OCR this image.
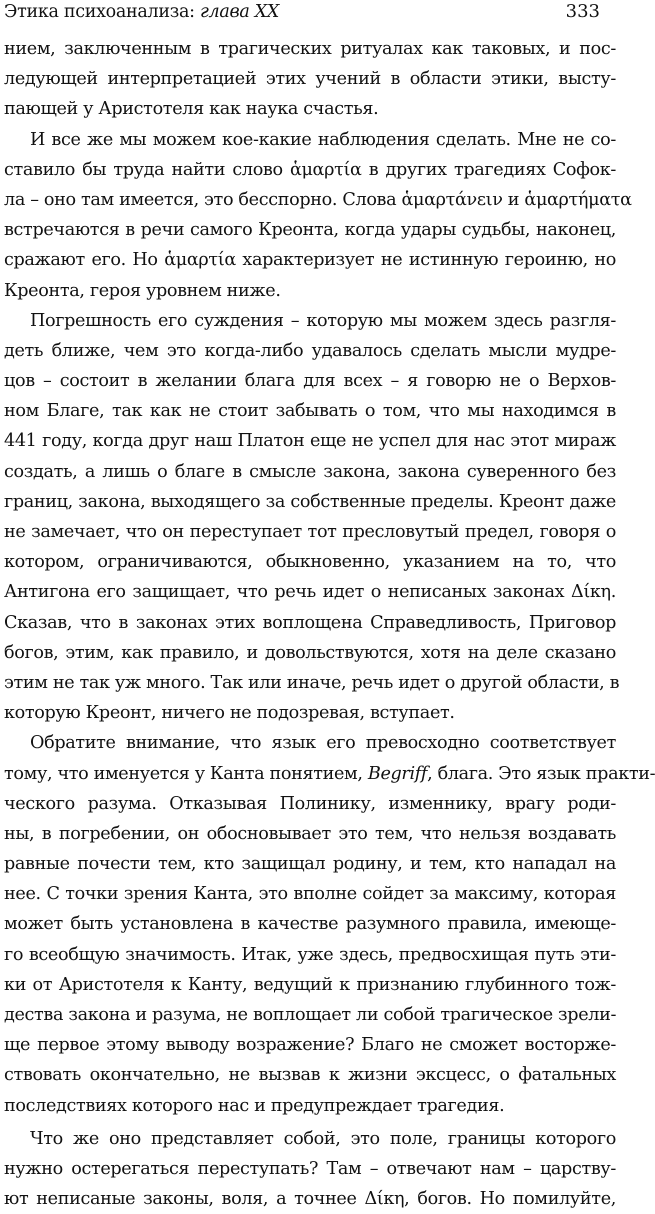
Этика психоанализа: глава XX	333
нием, заключенным в трагических ритуалах как таковых, и пос-
ледующей интерпретацией этих учений в области этики, высту-
пающей у Аристотеля как наука счастья.
И все же мы можем кое-какие наблюдения сделать. Мне не со-
ставило бы труда найти слово ἁμαρτία в других трагедиях Софок-
ла – оно там имеется, это бесспорно. Слова ἁμαρτάνειν и ἁμαρτήματα
встречаются в речи самого Креонта, когда удары судьбы, наконец,
сражают его. Но ἁμαρτία характеризует не истинную героиню, но
Креонта, героя уровнем ниже.
Погрешность его суждения – которую мы можем здесь разгля-
деть ближе, чем это когда-либо удавалось сделать мысли мудре-
цов – состоит в желании блага для всех – я говорю не о Верхов-
ном Благе, так как не стоит забывать о том, что мы находимся в
441 году, когда друг наш Платон еще не успел для нас этот мираж
создать, а лишь о благе в смысле закона, закона суверенного без
границ, закона, выходящего за собственные пределы. Креонт даже
не замечает, что он переступает тот пресловутый предел, говоря о
котором, ограничиваются, обыкновенно, указанием на то, что
Антигона его защищает, что речь идет о неписаных законах Δίκη.
Сказав, что в законах этих воплощена Справедливость, Приговор
богов, этим, как правило, и довольствуются, хотя на деле сказано
этим не так уж много. Так или иначе, речь идет о другой области, в
которую Креонт, ничего не подозревая, вступает.
Обратите внимание, что язык его превосходно соответствует
тому, что именуется у Канта понятием, Begriff, блага. Это язык практи-
ческого разума. Отказывая Полинику, изменнику, врагу роди-
ны, в погребении, он обосновывает это тем, что нельзя воздавать
равные почести тем, кто защищал родину, и тем, кто нападал на
нее. С точки зрения Канта, это вполне сойдет за максиму, которая
может быть установлена в качестве разумного правила, имеюще-
го всеобщую значимость. Итак, уже здесь, предвосхищая путь эти-
ки от Аристотеля к Канту, ведущий к признанию глубинного тож-
дества закона и разума, не воплощает ли собой трагическое зрели-
ще первое этому выводу возражение? Благо не сможет восторже-
ствовать окончательно, не вызвав к жизни эксцесс, о фатальных
последствиях которого нас и предупреждает трагедия.
Что же оно представляет собой, это поле, границы которого
нужно остерегаться переступать? Там – отвечают нам – царству-
ют неписаные законы, воля, а точнее Δίκη, богов. Но помилуйте,
